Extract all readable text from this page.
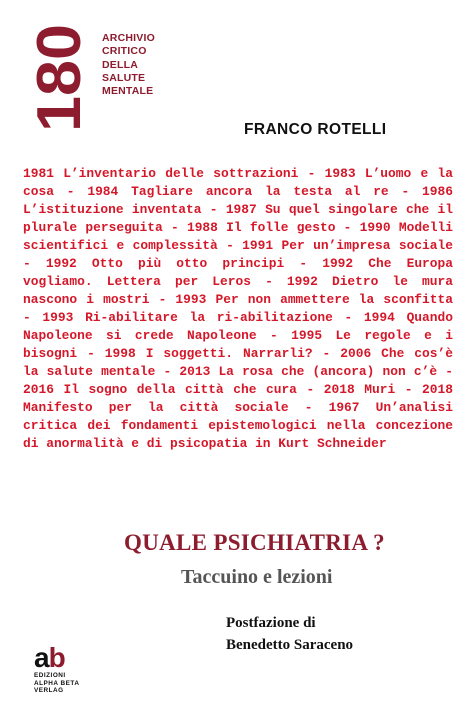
180 ARCHIVIO
CRITICO
DELLA
SALUTE
MENTALE
FRANCO ROTELLI
1981 L’inventario delle sottrazioni - 1983 L’uomo e la cosa - 1984 Tagliare ancora la testa al re - 1986 L’istituzione inventata - 1987 Su quel singolare che il plurale perseguita - 1988 Il folle gesto - 1990 Modelli scientifici e complessità - 1991 Per un’impresa sociale - 1992 Otto più otto principi - 1992 Che Europa vogliamo. Lettera per Leros - 1992 Dietro le mura nascono i mostri - 1993 Per non ammettere la sconfitta - 1993 Ri-abilitare la ri-abilitazione - 1994 Quando Napoleone si crede Napoleone - 1995 Le regole e i bisogni - 1998 I soggetti. Narrarli? - 2006 Che cos’è la salute mentale - 2013 La rosa che (ancora) non c’è - 2016 Il sogno della città che cura - 2018 Muri - 2018 Manifesto per la città sociale - 1967 Un’analisi critica dei fondamenti epistemologici nella concezione di anormalità e di psicopatia in Kurt Schneider
QUALE PSICHIATRIA ?
Taccuino e lezioni
Postfazione di
Benedetto Saraceno
ab
EDIZIONI
ALPHA BETA
VERLAG
